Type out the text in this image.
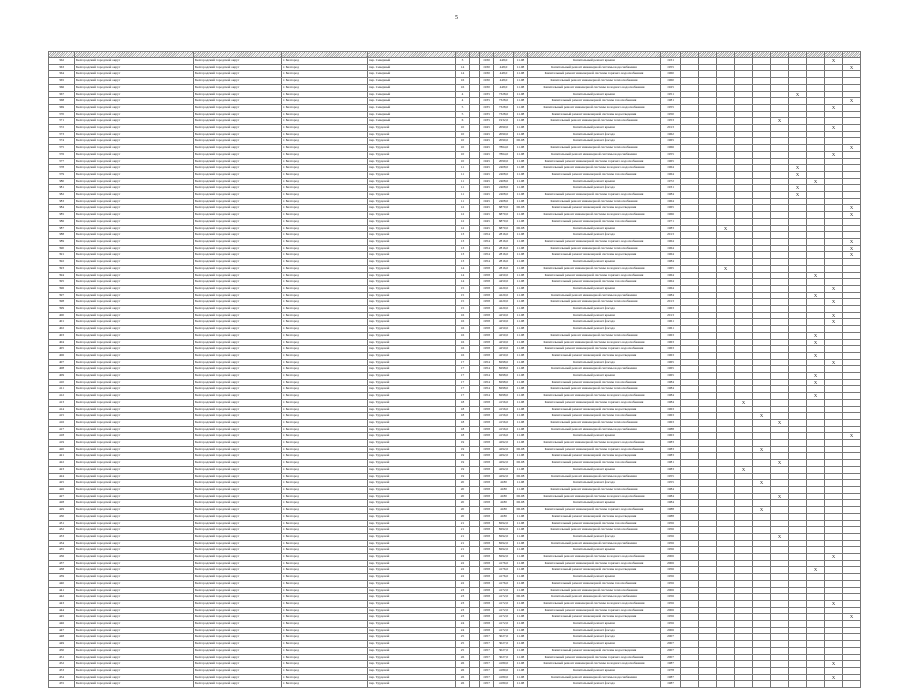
5

362	Белгородский городской округ	Белгородский городской округ	г. Белгород	пер. Северный	3		1930	448,0	11.08	Капитальный ремонт крыши	1931									X	
363	Белгородский городской округ	Белгородский городской округ	г. Белгород	пер. Северный	14		1930	448,0	11.08	Капитальный ремонт инженерной системы водоснабжения	1955										X
364	Белгородский городской округ	Белгородский городской округ	г. Белгород	пер. Северный	14		1930	448,0	11.08	Капитальный ремонт инженерной системы горячего водоснабжения	1960										
365	Белгородский городской округ	Белгородский городской округ	г. Белгород	пер. Северный	16		1930	448,0	11.08	Капитальный ремонт инженерной системы теплоснабжения	1960										
366	Белгородский городской округ	Белгородский городской округ	г. Белгород	пер. Северный	16		1930	448,0	11.08	Капитальный ремонт инженерной системы холодного водоснабжения	1925										
367	Белгородский городской округ	Белгородский городской округ	г. Белгород	пер. Северный	4		1935	7328,0	11.08	Капитальный ремонт крыши	1951							X			
368	Белгородский городской округ	Белгородский городской округ	г. Белгород	пер. Северный	4		1935	7328,0	11.08	Капитальный ремонт инженерной системы газоснабжения	1981										X
369	Белгородский городской округ	Белгородский городской округ	г. Белгород	пер. Северный	5		1935	7328,0	11.08	Капитальный ремонт инженерной системы холодного водоснабжения	1955									X	
370	Белгородский городской округ	Белгородский городской округ	г. Белгород	пер. Северный	5		1935	7328,0	11.08	Капитальный ремонт инженерной системы водоотведения	1950										
371	Белгородский городской округ	Белгородский городской округ	г. Белгород	пер. Северный	6		1935	1932,0	11.08	Капитальный ремонт инженерной системы теплоснабжения	1953						X				
372	Белгородский городской округ	Белгородский городской округ	г. Белгород	пер. Трудовой	10		1945	2090,0	11.08	Капитальный ремонт крыши	2013									X	
373	Белгородский городской округ	Белгородский городской округ	г. Белгород	пер. Трудовой	10		1945	2090,0	11.08	Капитальный ремонт фасада	1962										
374	Белгородский городской округ	Белгородский городской округ	г. Белгород	пер. Трудовой	10		1945	2090,0	06.08	Капитальный ремонт фасада	1965										
375	Белгородский городской округ	Белгородский городской округ	г. Белгород	пер. Трудовой	10		1945	7864,0	11.08	Капитальный ремонт инженерной системы теплоснабжения	1966										X
376	Белгородский городской округ	Белгородский городской округ	г. Белгород	пер. Трудовой	10		1945	7864,0	11.08	Капитальный ремонт инженерной системы водоснабжения	1955									X	
377	Белгородский городской округ	Белгородский городской округ	г. Белгород	пер. Трудовой	10		1945	2090,0	11.08	Капитальный ремонт инженерной системы горячего водоснабжения	1965										
378	Белгородский городской округ	Белгородский городской округ	г. Белгород	пер. Трудовой	11		1945	2408,0	11.08	Капитальный ремонт инженерной системы холодного водоснабжения	1964							X			
379	Белгородский городской округ	Белгородский городской округ	г. Белгород	пер. Трудовой	11		1945	2408,0	11.08	Капитальный ремонт инженерной системы газоснабжения	1964							X			
380	Белгородский городской округ	Белгородский городской округ	г. Белгород	пер. Трудовой	11		1945	2408,0	11.08	Капитальный ремонт крыши	1972								X		
381	Белгородский городской округ	Белгородский городской округ	г. Белгород	пер. Трудовой	11		1945	2408,0	11.08	Капитальный ремонт фасада	1931							X			
382	Белгородский городской округ	Белгородский городской округ	г. Белгород	пер. Трудовой	11		1945	2408,0	11.08	Капитальный ремонт инженерной системы горячего водоснабжения	1984							X			
383	Белгородский городской округ	Белгородский городской округ	г. Белгород	пер. Трудовой	11		1945	2408,0	11.08	Капитальный ремонт инженерной системы теплоснабжения	1964										
384	Белгородский городской округ	Белгородский городской округ	г. Белгород	пер. Трудовой	12		1945	6870,0	06.08	Капитальный ремонт инженерной системы водоотведения	1965										X
385	Белгородский городской округ	Белгородский городской округ	г. Белгород	пер. Трудовой	12		1945	6870,0	11.08	Капитальный ремонт инженерной системы холодного водоснабжения	1966										X
386	Белгородский городской округ	Белгородский городской округ	г. Белгород	пер. Трудовой	12		1945	6870,0	11.08	Капитальный ремонт инженерной системы газоснабжения	1971										
387	Белгородский городской округ	Белгородский городской округ	г. Белгород	пер. Трудовой	12		1945	6870,0	06.08	Капитальный ремонт крыши	1983			X							
388	Белгородский городской округ	Белгородский городской округ	г. Белгород	пер. Трудовой	13		1954	2816,0	11.08	Капитальный ремонт фасада	2013										
389	Белгородский городской округ	Белгородский городской округ	г. Белгород	пер. Трудовой	13		1954	2816,0	11.08	Капитальный ремонт инженерной системы горячего водоснабжения	1964										X
390	Белгородский городской округ	Белгородский городской округ	г. Белгород	пер. Трудовой	13		1954	2816,0	11.08	Капитальный ремонт инженерной системы теплоснабжения	1964										X
391	Белгородский городской округ	Белгородский городской округ	г. Белгород	пер. Трудовой	13		1954	2816,0	11.08	Капитальный ремонт инженерной системы водоотведения	1964										X
392	Белгородский городской округ	Белгородский городской округ	г. Белгород	пер. Трудовой	13		1954	2816,0	11.08	Капитальный ремонт крыши	1984										
393	Белгородский городской округ	Белгородский городской округ	г. Белгород	пер. Трудовой	14		1958	2816,0	11.08	Капитальный ремонт инженерной системы холодного водоснабжения	1965			X							
394	Белгородский городской округ	Белгородский городской округ	г. Белгород	пер. Трудовой	14		1958	4450,0	11.08	Капитальный ремонт инженерной системы горячего водоснабжения	1964								X		
395	Белгородский городской округ	Белгородский городской округ	г. Белгород	пер. Трудовой	14		1958	4450,0	11.08	Капитальный ремонт инженерной системы газоснабжения	1964										
396	Белгородский городской округ	Белгородский городской округ	г. Белгород	пер. Трудовой	15		1958	4220,0	11.08	Капитальный ремонт крыши	1964									X	
397	Белгородский городской округ	Белгородский городской округ	г. Белгород	пер. Трудовой	15		1958	4220,0	11.08	Капитальный ремонт инженерной системы водоснабжения	1984								X		
398	Белгородский городской округ	Белгородский городской округ	г. Белгород	пер. Трудовой	15		1958	4220,0	11.08	Капитальный ремонт инженерной системы теплоснабжения	2013									X	
399	Белгородский городской округ	Белгородский городской округ	г. Белгород	пер. Трудовой	15		1958	4220,0	11.08	Капитальный ремонт фасада	1963										
400	Белгородский городской округ	Белгородский городской округ	г. Белгород	пер. Трудовой	16		1958	4250,0	11.08	Капитальный ремонт крыши	2013									X	
401	Белгородский городской округ	Белгородский городской округ	г. Белгород	пер. Трудовой	16		1958	4250,0	11.08	Капитальный ремонт фасада	1961									X	
402	Белгородский городской округ	Белгородский городской округ	г. Белгород	пер. Трудовой	16		1958	4250,0	11.08	Капитальный ремонт фасада	1961										
403	Белгородский городской округ	Белгородский городской округ	г. Белгород	пер. Трудовой	16		1958	4250,0	11.08	Капитальный ремонт инженерной системы теплоснабжения	1963								X		
404	Белгородский городской округ	Белгородский городской округ	г. Белгород	пер. Трудовой	16		1958	4250,0	11.08	Капитальный ремонт инженерной системы холодного водоснабжения	1963								X		
405	Белгородский городской округ	Белгородский городской округ	г. Белгород	пер. Трудовой	16		1958	4250,0	11.08	Капитальный ремонт инженерной системы горячего водоснабжения	1963										
406	Белгородский городской округ	Белгородский городской округ	г. Белгород	пер. Трудовой	16		1958	4250,0	11.08	Капитальный ремонт инженерной системы водоотведения	1963								X		
407	Белгородский городской округ	Белгородский городской округ	г. Белгород	пер. Трудовой	17		1954	8298,0	11.08	Капитальный ремонт фасада	1965									X	
408	Белгородский городской округ	Белгородский городской округ	г. Белгород	пер. Трудовой	17		1954	8298,0	11.08	Капитальный ремонт инженерной системы водоснабжения	1965										
409	Белгородский городской округ	Белгородский городской округ	г. Белгород	пер. Трудовой	17		1954	8298,0	11.08	Капитальный ремонт крыши	1965								X		
410	Белгородский городской округ	Белгородский городской округ	г. Белгород	пер. Трудовой	17		1954	8298,0	11.08	Капитальный ремонт инженерной системы газоснабжения	1984								X		
411	Белгородский городской округ	Белгородский городской округ	г. Белгород	пер. Трудовой	17		1954	8298,0	11.08	Капитальный ремонт инженерной системы теплоснабжения	1984										
412	Белгородский городской округ	Белгородский городской округ	г. Белгород	пер. Трудовой	17		1954	8298,0	11.08	Капитальный ремонт инженерной системы холодного водоснабжения	1984								X		
413	Белгородский городской округ	Белгородский городской округ	г. Белгород	пер. Трудовой	18		1958	4156,0	11.08	Капитальный ремонт инженерной системы горячего водоснабжения	1984				X						
414	Белгородский городской округ	Белгородский городской округ	г. Белгород	пер. Трудовой	18		1958	4156,0	11.08	Капитальный ремонт инженерной системы водоотведения	1963										
415	Белгородский городской округ	Белгородский городской округ	г. Белгород	пер. Трудовой	18		1958	4156,0	11.08	Капитальный ремонт инженерной системы газоснабжения	1963					X					
416	Белгородский городской округ	Белгородский городской округ	г. Белгород	пер. Трудовой	18		1958	4156,0	11.08	Капитальный ремонт инженерной системы теплоснабжения	1963						X				
417	Белгородский городской округ	Белгородский городской округ	г. Белгород	пер. Трудовой	18		1958	4156,0	11.08	Капитальный ремонт инженерной системы водоснабжения	1988										
418	Белгородский городской округ	Белгородский городской округ	г. Белгород	пер. Трудовой	18		1958	4156,0	11.08	Капитальный ремонт крыши	1963										X
419	Белгородский городской округ	Белгородский городской округ	г. Белгород	пер. Трудовой	19		1958	4292,0	11.08	Капитальный ремонт инженерной системы холодного водоснабжения	1983										
420	Белгородский городской округ	Белгородский городской округ	г. Белгород	пер. Трудовой	19		1958	4292,0	06.08	Капитальный ремонт инженерной системы горячего водоснабжения	1983					X					
421	Белгородский городской округ	Белгородский городской округ	г. Белгород	пер. Трудовой	19		1958	4292,0	11.08	Капитальный ремонт инженерной системы водоотведения	1983										
422	Белгородский городской округ	Белгородский городской округ	г. Белгород	пер. Трудовой	19		1958	4292,0	06.08	Капитальный ремонт инженерной системы газоснабжения	1981						X				
423	Белгородский городской округ	Белгородский городской округ	г. Белгород	пер. Трудовой	19		1958	4292,0	11.08	Капитальный ремонт крыши	1983				X						
424	Белгородский городской округ	Белгородский городской округ	г. Белгород	пер. Трудовой	19		1958	4292,0	06.08	Капитальный ремонт инженерной системы водоснабжения	1955										
425	Белгородский городской округ	Белгородский городской округ	г. Белгород	пер. Трудовой	20		1958	4180	11.08	Капитальный ремонт фасада	1955					X					
426	Белгородский городской округ	Белгородский городской округ	г. Белгород	пер. Трудовой	20		1958	4180	11.08	Капитальный ремонт инженерной системы теплоснабжения	1984										
427	Белгородский городской округ	Белгородский городской округ	г. Белгород	пер. Трудовой	20		1958	4180	06.08	Капитальный ремонт инженерной системы холодного водоснабжения	1984						X				
428	Белгородский городской округ	Белгородский городской округ	г. Белгород	пер. Трудовой	20		1958	4180	06.08	Капитальный ремонт крыши	1984										
429	Белгородский городской округ	Белгородский городской округ	г. Белгород	пер. Трудовой	20		1958	4180	06.08	Капитальный ремонт инженерной системы горячего водоснабжения	1988					X					
430	Белгородский городской округ	Белгородский городской округ	г. Белгород	пер. Трудовой	20		1958	4180	11.08	Капитальный ремонт инженерной системы водоотведения	1988										
431	Белгородский городской округ	Белгородский городской округ	г. Белгород	пер. Трудовой	21		1958	8292,0	11.08	Капитальный ремонт инженерной системы газоснабжения	1956										
432	Белгородский городской округ	Белгородский городской округ	г. Белгород	пер. Трудовой	21		1958	8292,0	11.08	Капитальный ремонт инженерной системы теплоснабжения	1956										
433	Белгородский городской округ	Белгородский городской округ	г. Белгород	пер. Трудовой	21		1958	8292,0	11.08	Капитальный ремонт фасада	1956						X				
434	Белгородский городской округ	Белгородский городской округ	г. Белгород	пер. Трудовой	21		1958	8292,0	11.08	Капитальный ремонт инженерной системы водоснабжения	1956										
435	Белгородский городской округ	Белгородский городской округ	г. Белгород	пер. Трудовой	21		1958	8292,0	11.08	Капитальный ремонт крыши	1956										
436	Белгородский городской округ	Белгородский городской округ	г. Белгород	пер. Трудовой	22		1958	8292,0	11.08	Капитальный ремонт инженерной системы холодного водоснабжения	2006									X	
437	Белгородский городской округ	Белгородский городской округ	г. Белгород	пер. Трудовой	22		1958	4176,0	11.08	Капитальный ремонт инженерной системы горячего водоснабжения	2006										
438	Белгородский городской округ	Белгородский городской округ	г. Белгород	пер. Трудовой	22		1958	4176,0	11.08	Капитальный ремонт инженерной системы водоотведения	1956								X		
439	Белгородский городской округ	Белгородский городской округ	г. Белгород	пер. Трудовой	22		1958	4176,0	11.08	Капитальный ремонт крыши	1956										
440	Белгородский городской округ	Белгородский городской округ	г. Белгород	пер. Трудовой	22		1958	4176,0	11.08	Капитальный ремонт инженерной системы газоснабжения	1956										
441	Белгородский городской округ	Белгородский городской округ	г. Белгород	пер. Трудовой	23		1958	4172,0	11.08	Капитальный ремонт инженерной системы теплоснабжения	2006										
442	Белгородский городской округ	Белгородский городской округ	г. Белгород	пер. Трудовой	23		1958	4172,0	06.08	Капитальный ремонт инженерной системы водоснабжения	1956										
443	Белгородский городской округ	Белгородский городской округ	г. Белгород	пер. Трудовой	23		1958	4172,0	11.08	Капитальный ремонт инженерной системы холодного водоснабжения	1956									X	
444	Белгородский городской округ	Белгородский городской округ	г. Белгород	пер. Трудовой	23		1958	4172,0	11.08	Капитальный ремонт инженерной системы горячего водоснабжения	2006										
445	Белгородский городской округ	Белгородский городской округ	г. Белгород	пер. Трудовой	23		1958	4172,0	11.08	Капитальный ремонт инженерной системы водоотведения	1956										X
446	Белгородский городской округ	Белгородский городской округ	г. Белгород	пер. Трудовой	24		1958	4172,0	11.08	Капитальный ремонт крыши	1956										
447	Белгородский городской округ	Белгородский городской округ	г. Белгород	пер. Трудовой	24		1958	4172,0	11.08	Капитальный ремонт фасада	2006										
448	Белгородский городской округ	Белгородский городской округ	г. Белгород	пер. Трудовой	25		1957	3027,0	11.08	Капитальный ремонт фасада	2007										
449	Белгородский городской округ	Белгородский городской округ	г. Белгород	пер. Трудовой	25		1957	3027,0	11.08	Капитальный ремонт крыши	2007										
450	Белгородский городской округ	Белгородский городской округ	г. Белгород	пер. Трудовой	25		1957	3027,0	11.08	Капитальный ремонт инженерной системы водоотведения	2007										
451	Белгородский городской округ	Белгородский городской округ	г. Белгород	пер. Трудовой	26		1957	3027,0	11.08	Капитальный ремонт инженерной системы горячего водоснабжения	2007										
452	Белгородский городской округ	Белгородский городской округ	г. Белгород	пер. Трудовой	26		1957	4180,0	11.08	Капитальный ремонт инженерной системы холодного водоснабжения	1987									X	
453	Белгородский городской округ	Белгородский городской округ	г. Белгород	пер. Трудовой	26		1957	4180,0	11.08	Капитальный ремонт крыши	1978										
454	Белгородский городской округ	Белгородский городской округ	г. Белгород	пер. Трудовой	26		1957	4180,0	11.08	Капитальный ремонт инженерной системы водоснабжения	1987									X	
455	Белгородский городской округ	Белгородский городской округ	г. Белгород	пер. Трудовой	26		1957	4180,0	11.08	Капитальный ремонт фасада	1987										
